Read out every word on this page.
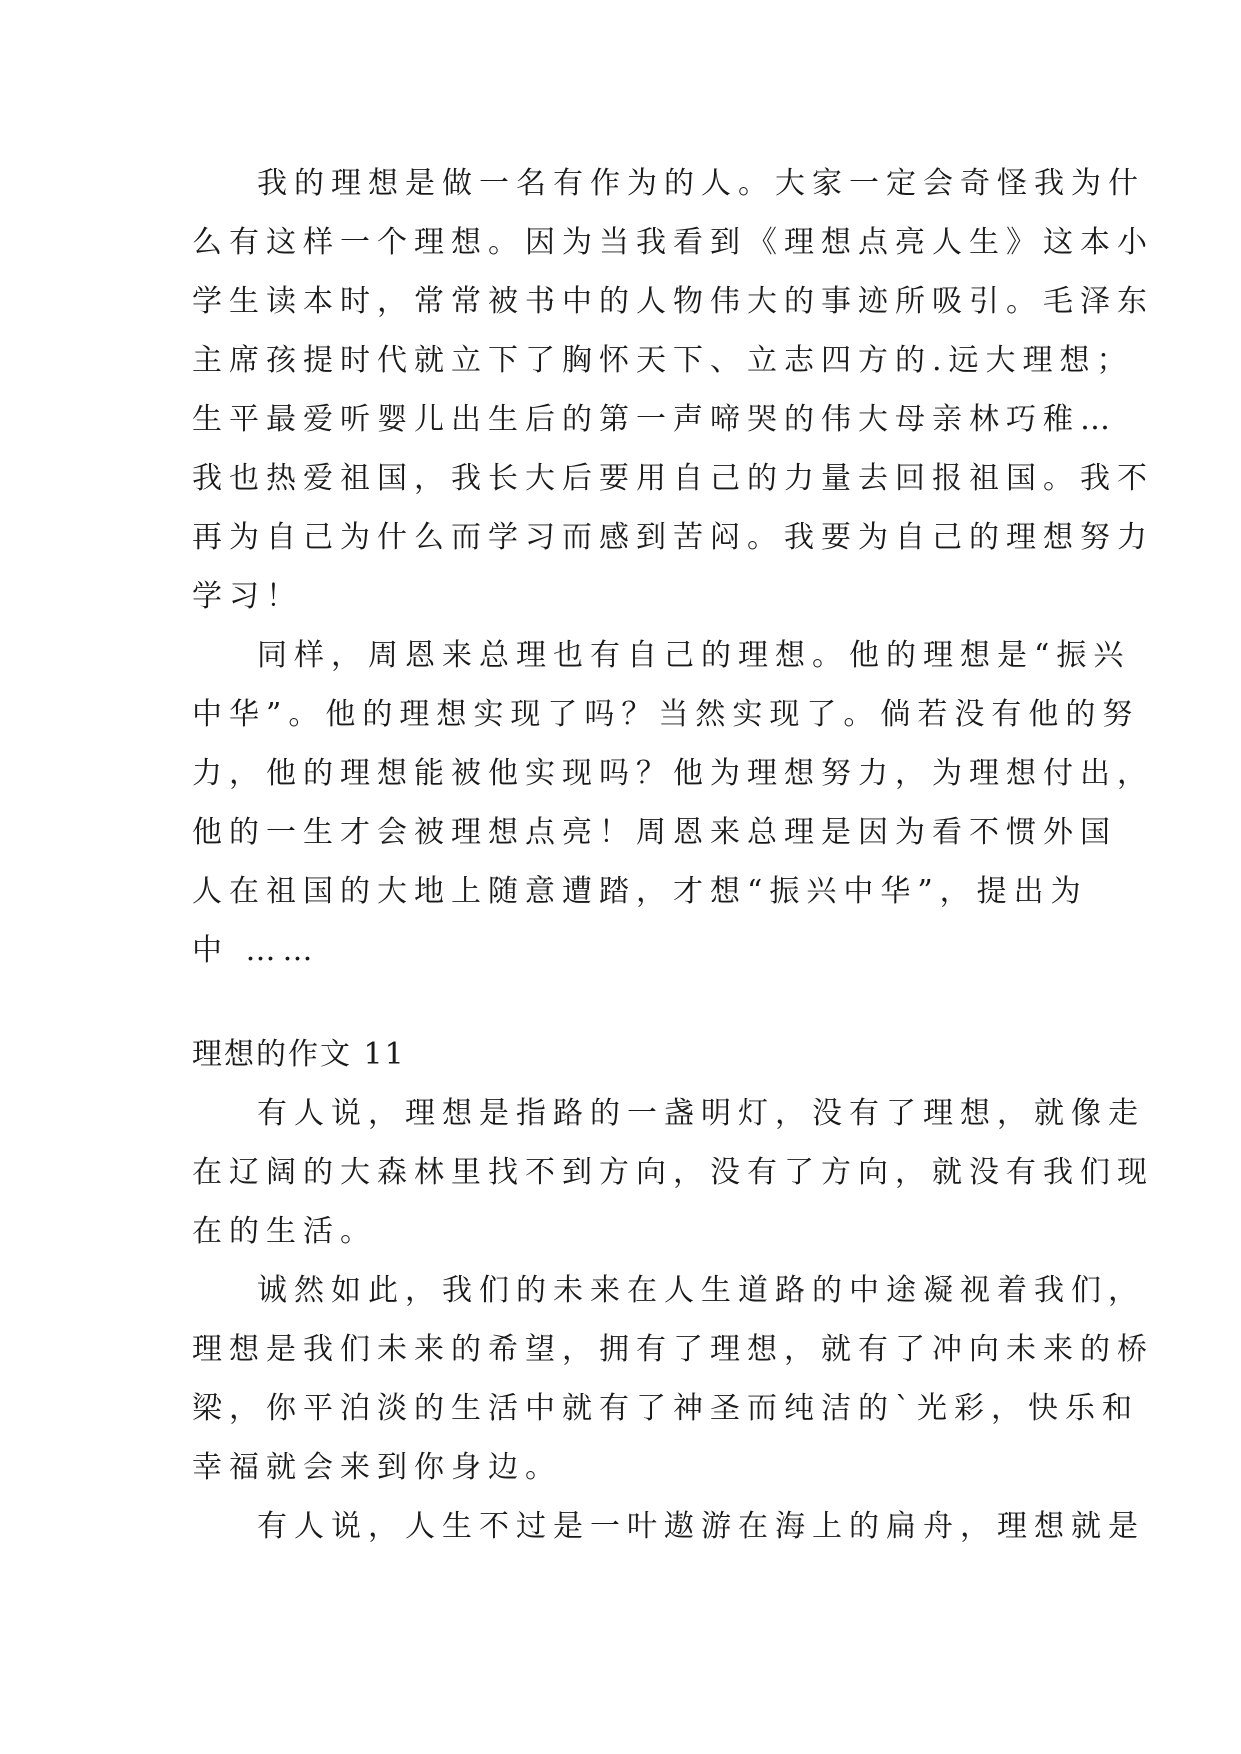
我的理想是做一名有作为的人。大家一定会奇怪我为什
么有这样一个理想。因为当我看到《理想点亮人生》这本小
学生读本时，常常被书中的人物伟大的事迹所吸引。毛泽东
主席孩提时代就立下了胸怀天下、立志四方的.远大理想；
生平最爱听婴儿出生后的第一声啼哭的伟大母亲林巧稚…
我也热爱祖国，我长大后要用自己的力量去回报祖国。我不
再为自己为什么而学习而感到苦闷。我要为自己的理想努力
学习！
同样，周恩来总理也有自己的理想。他的理想是“振兴
中华”。他的理想实现了吗？当然实现了。倘若没有他的努
力，他的理想能被他实现吗？他为理想努力，为理想付出，
他的一生才会被理想点亮！周恩来总理是因为看不惯外国
人在祖国的大地上随意遭踏，才想“振兴中华”，提出为
中 ……
理想的作文 11
有人说，理想是指路的一盏明灯，没有了理想，就像走
在辽阔的大森林里找不到方向，没有了方向，就没有我们现
在的生活。
诚然如此，我们的未来在人生道路的中途凝视着我们，
理想是我们未来的希望，拥有了理想，就有了冲向未来的桥
梁，你平泊淡的生活中就有了神圣而纯洁的`光彩，快乐和
幸福就会来到你身边。
有人说，人生不过是一叶遨游在海上的扁舟，理想就是
